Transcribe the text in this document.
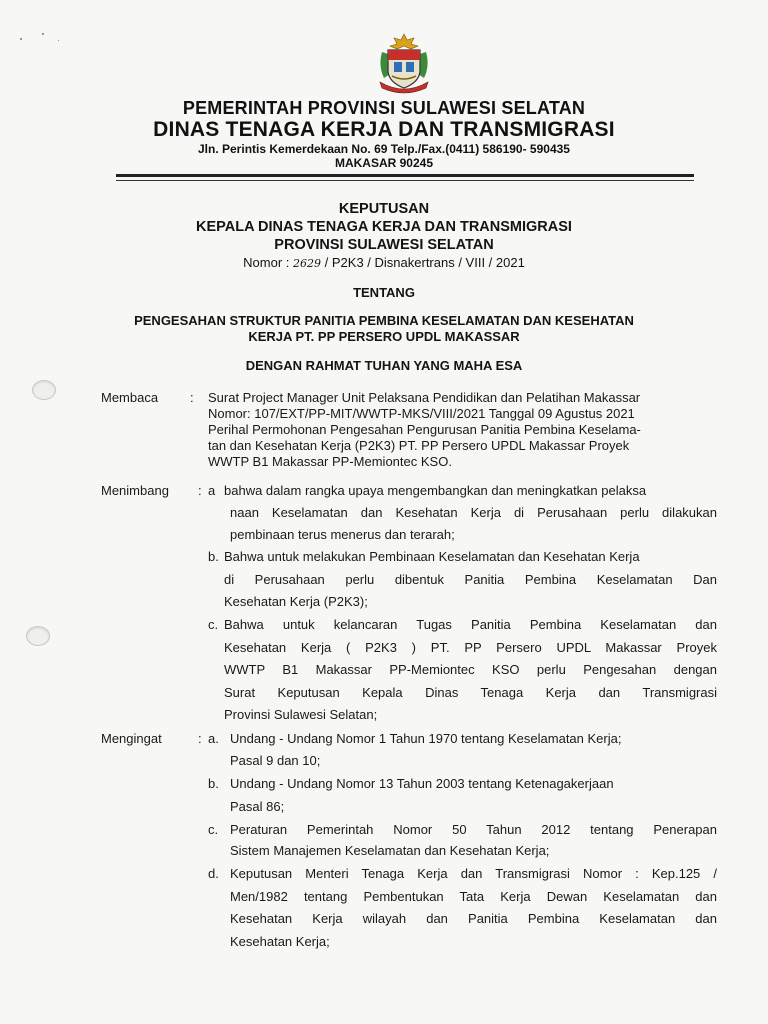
PEMERINTAH PROVINSI SULAWESI SELATAN
DINAS TENAGA KERJA DAN TRANSMIGRASI
Jln. Perintis Kemerdekaan No. 69 Telp./Fax.(0411) 586190- 590435
MAKASAR 90245
KEPUTUSAN
KEPALA DINAS TENAGA KERJA DAN TRANSMIGRASI
PROVINSI SULAWESI SELATAN
Nomor : 2629 / P2K3 / Disnakertrans / VIII / 2021
TENTANG
PENGESAHAN STRUKTUR PANITIA PEMBINA KESELAMATAN DAN KESEHATAN
KERJA PT. PP PERSERO UPDL MAKASSAR
DENGAN RAHMAT TUHAN YANG MAHA ESA
Membaca : Surat Project Manager Unit Pelaksana Pendidikan dan Pelatihan Makassar
Nomor: 107/EXT/PP-MIT/WWTP-MKS/VIII/2021 Tanggal 09 Agustus 2021
Perihal Permohonan Pengesahan Pengurusan Panitia Pembina Keselama-
tan dan Kesehatan Kerja (P2K3) PT. PP Persero UPDL Makassar Proyek
WWTP B1 Makassar PP-Memiontec KSO.
Menimbang : a bahwa dalam rangka upaya mengembangkan dan meningkatkan pelaksa
naan Keselamatan dan Kesehatan Kerja di Perusahaan perlu dilakukan
pembinaan terus menerus dan terarah;
b. Bahwa untuk melakukan Pembinaan Keselamatan dan Kesehatan Kerja
di Perusahaan perlu dibentuk Panitia Pembina Keselamatan Dan
Kesehatan Kerja (P2K3);
c. Bahwa untuk kelancaran Tugas Panitia Pembina Keselamatan dan
Kesehatan Kerja ( P2K3 ) PT. PP Persero UPDL Makassar Proyek
WWTP B1 Makassar PP-Memiontec KSO perlu Pengesahan dengan
Surat Keputusan Kepala Dinas Tenaga Kerja dan Transmigrasi
Provinsi Sulawesi Selatan;
Mengingat	: a. Undang - Undang Nomor 1 Tahun 1970 tentang Keselamatan Kerja;
Pasal 9 dan 10;
b. Undang - Undang Nomor 13 Tahun 2003 tentang Ketenagakerjaan
Pasal 86;
c. Peraturan Pemerintah Nomor 50 Tahun 2012 tentang Penerapan
Sistem Manajemen Keselamatan dan Kesehatan Kerja;
d. Keputusan Menteri Tenaga Kerja dan Transmigrasi Nomor : Kep.125 /
Men/1982 tentang Pembentukan Tata Kerja Dewan Keselamatan dan
Kesehatan Kerja wilayah dan Panitia Pembina Keselamatan dan
Kesehatan Kerja;
